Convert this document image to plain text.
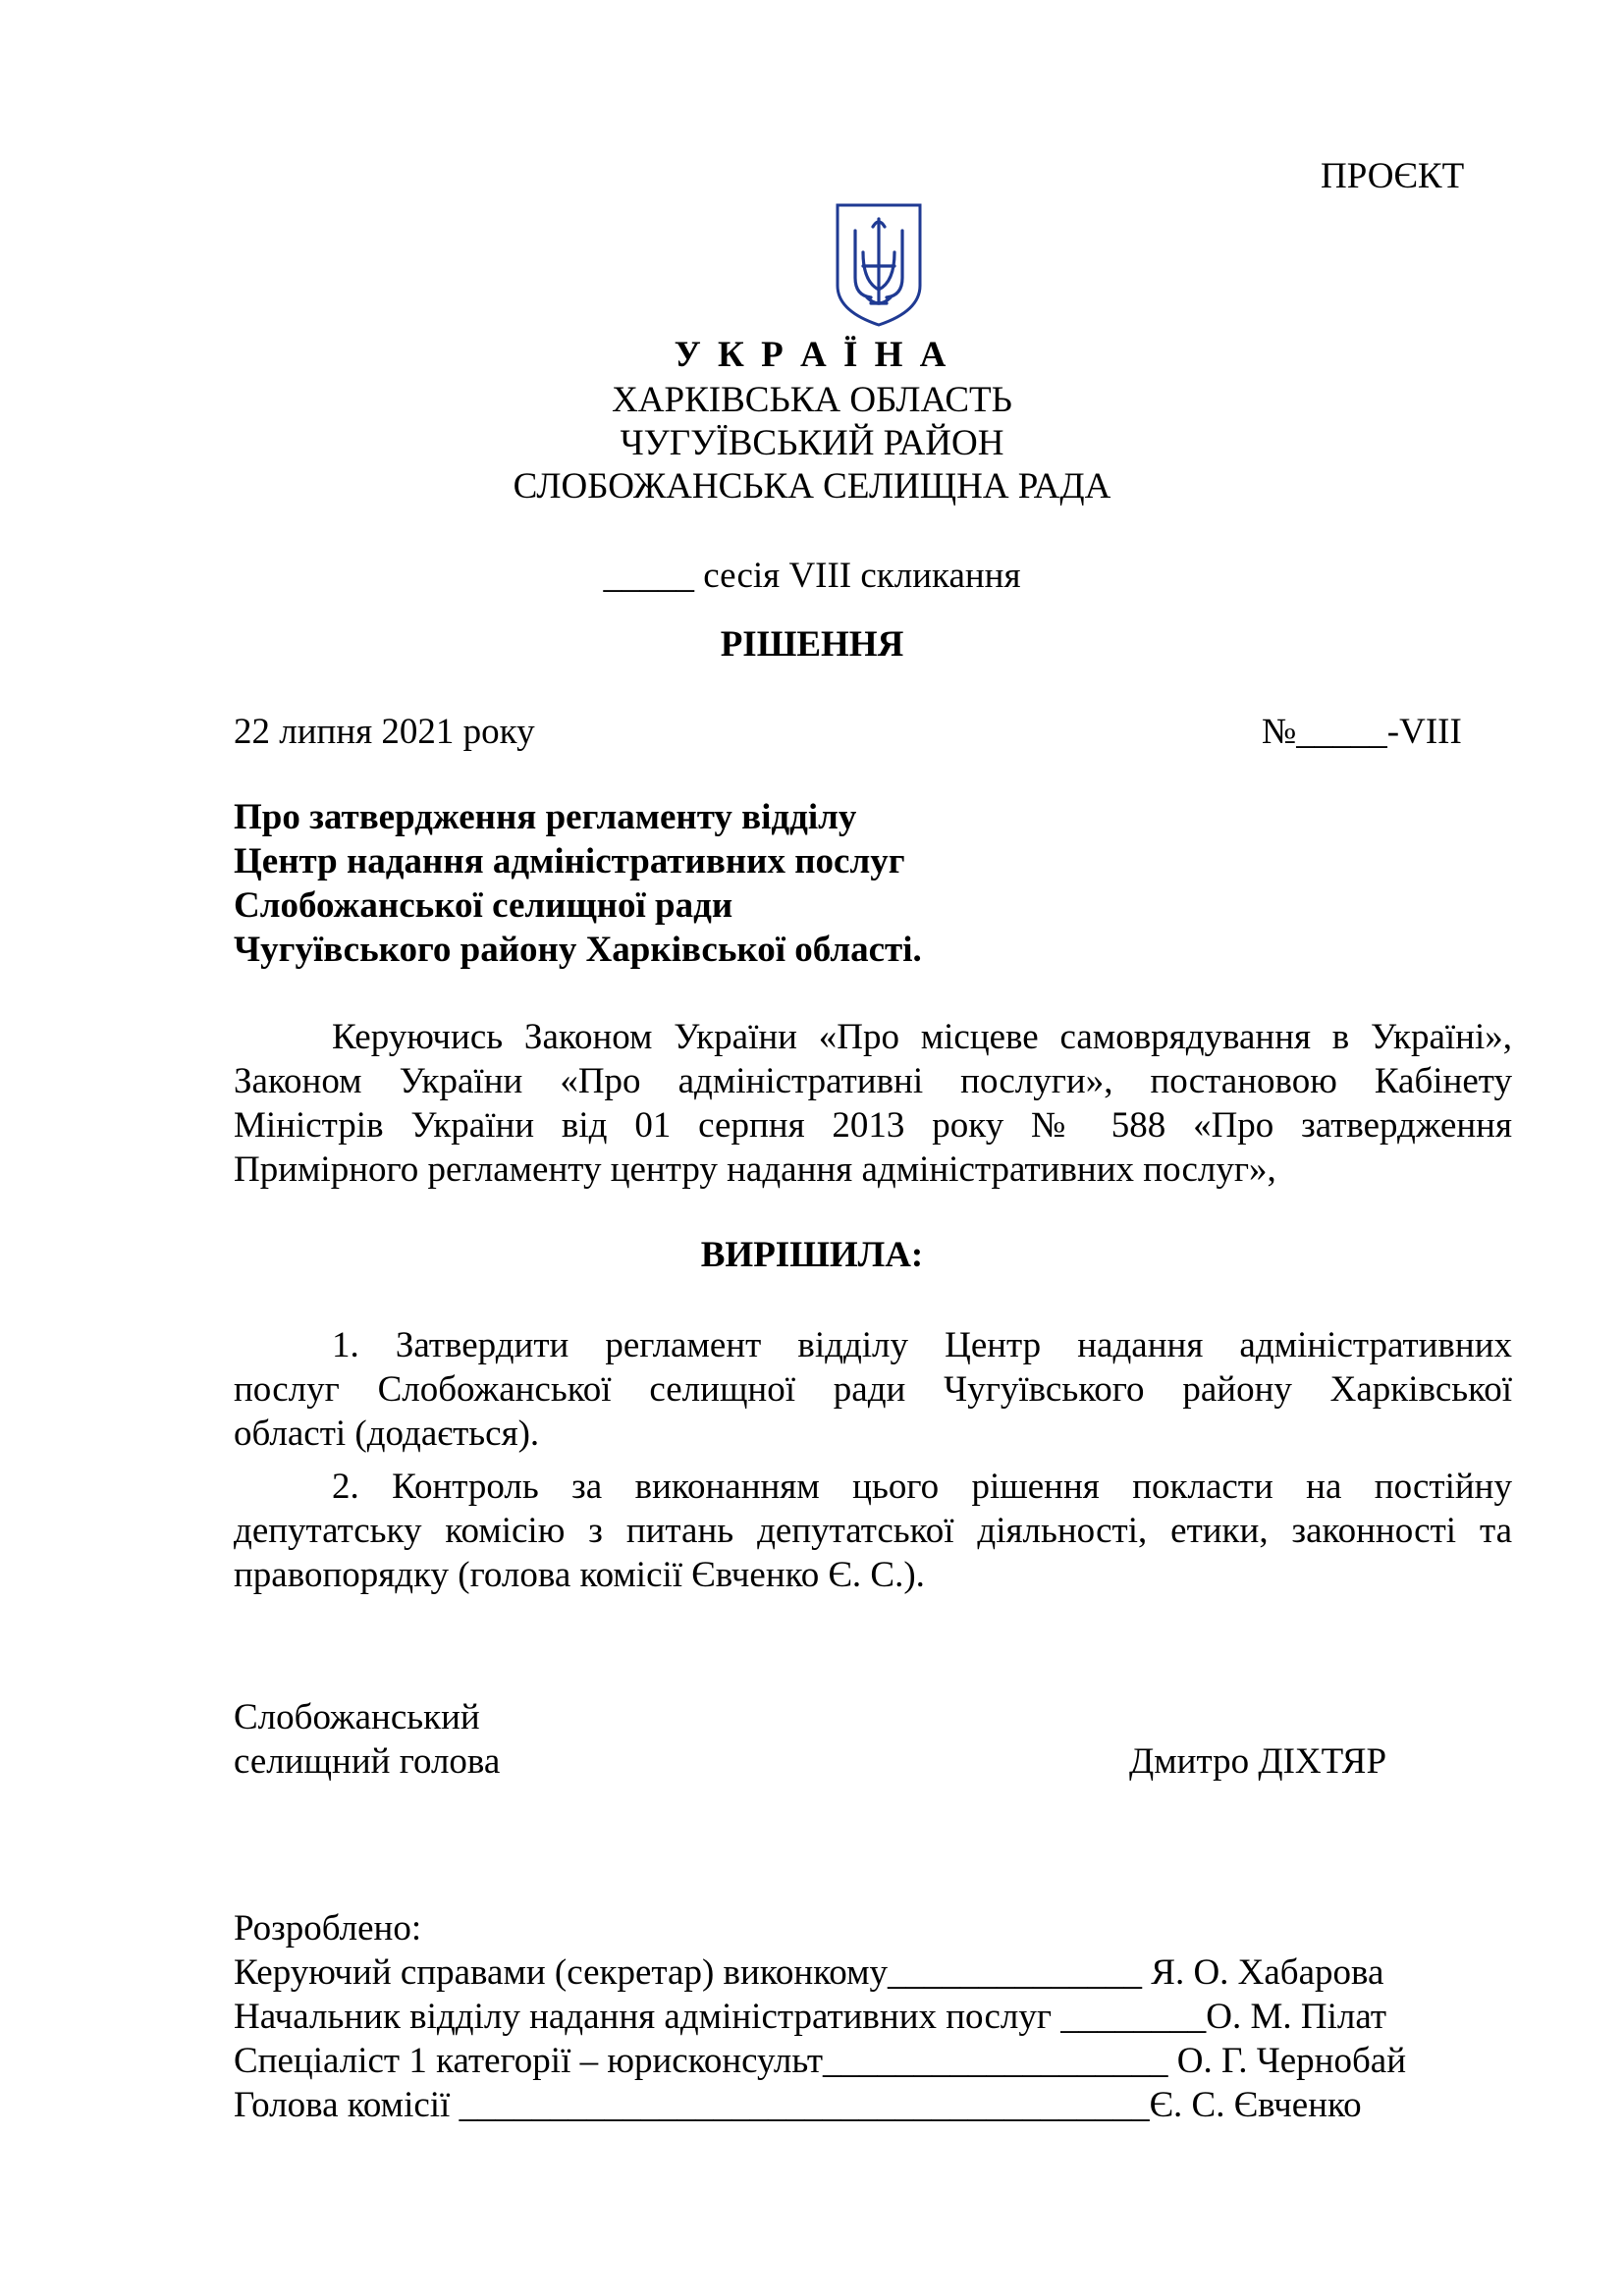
ПРОЄКТ
У К Р А Ї Н А
ХАРКІВСЬКА ОБЛАСТЬ
ЧУГУЇВСЬКИЙ РАЙОН
СЛОБОЖАНСЬКА СЕЛИЩНА РАДА
_____ сесія VIII скликання
РІШЕННЯ
22 липня 2021 року	№_____-VIII
Про затвердження регламенту відділу
Центр надання адміністративних послуг
Слобожанської селищної ради
Чугуївського району Харківської області.
Керуючись Законом України «Про місцеве самоврядування в Україні»,
Законом України «Про адміністративні послуги», постановою Кабінету
Міністрів України від 01 серпня 2013 року № 588 «Про затвердження
Примірного регламенту центру надання адміністративних послуг»,
ВИРІШИЛА:
1. Затвердити регламент відділу Центр надання адміністративних
послуг Слобожанської селищної ради Чугуївського району Харківської
області (додається).
2. Контроль за виконанням цього рішення покласти на постійну
депутатську комісію з питань депутатської діяльності, етики, законності та
правопорядку (голова комісії Євченко Є. С.).
Слобожанський
селищний голова	Дмитро ДІХТЯР
Розроблено:
Керуючий справами (секретар) виконкому______________ Я. О. Хабарова
Начальник відділу надання адміністративних послуг ________О. М. Пілат
Спеціаліст 1 категорії – юрисконсульт___________________ О. Г. Чернобай
Голова комісії ______________________________________Є. С. Євченко
